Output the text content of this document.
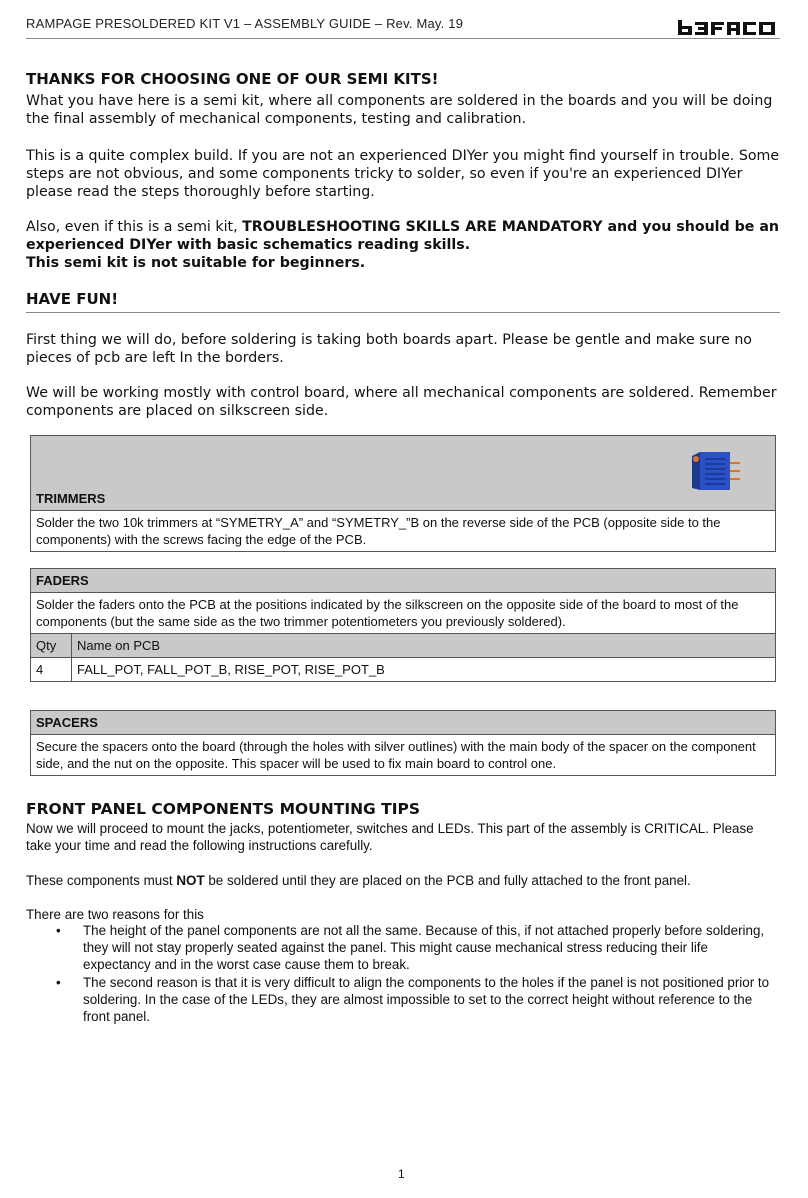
RAMPAGE PRESOLDERED KIT V1 – ASSEMBLY GUIDE – Rev. May. 19
THANKS FOR CHOOSING ONE OF OUR SEMI KITS!
What you have here is a semi kit, where all components are soldered in the boards and you will be doing the final assembly of mechanical components, testing and calibration.
This is a quite complex build. If you are not an experienced DIYer you might find yourself in trouble. Some steps are not obvious, and some components tricky to solder, so even if you're an experienced DIYer please read the steps thoroughly before starting.
Also, even if this is a semi kit, TROUBLESHOOTING SKILLS ARE MANDATORY and you should be an experienced DIYer with basic schematics reading skills.
This semi kit is not suitable for beginners.
HAVE FUN!
First thing we will do, before soldering is taking both boards apart. Please be gentle and make sure no pieces of pcb are left In the borders.
We will be working mostly with control board, where all mechanical components are soldered. Remember components are placed on silkscreen side.
TRIMMERS
Solder the two 10k trimmers at “SYMETRY_A” and “SYMETRY_”B on the reverse side of the PCB (opposite side to the components) with the screws facing the edge of the PCB.
FADERS	
Solder the faders onto the PCB at the positions indicated by the silkscreen on the opposite side of the board to most of the components (but the same side as the two trimmer potentiometers you previously soldered).	
Qty	Name on PCB
4	FALL_POT, FALL_POT_B, RISE_POT, RISE_POT_B
SPACERS
Secure the spacers onto the board (through the holes with silver outlines) with the main body of the spacer on the component side, and the nut on the opposite. This spacer will be used to fix main board to control one.
FRONT PANEL COMPONENTS MOUNTING TIPS
Now we will proceed to mount the jacks, potentiometer, switches and LEDs. This part of the assembly is CRITICAL. Please take your time and read the following instructions carefully.
These components must NOT be soldered until they are placed on the PCB and fully attached to the front panel.
There are two reasons for this
• The height of the panel components are not all the same. Because of this, if not attached properly before soldering, they will not stay properly seated against the panel. This might cause mechanical stress reducing their life expectancy and in the worst case cause them to break.
• The second reason is that it is very difficult to align the components to the holes if the panel is not positioned prior to soldering. In the case of the LEDs, they are almost impossible to set to the correct height without reference to the front panel.
1
